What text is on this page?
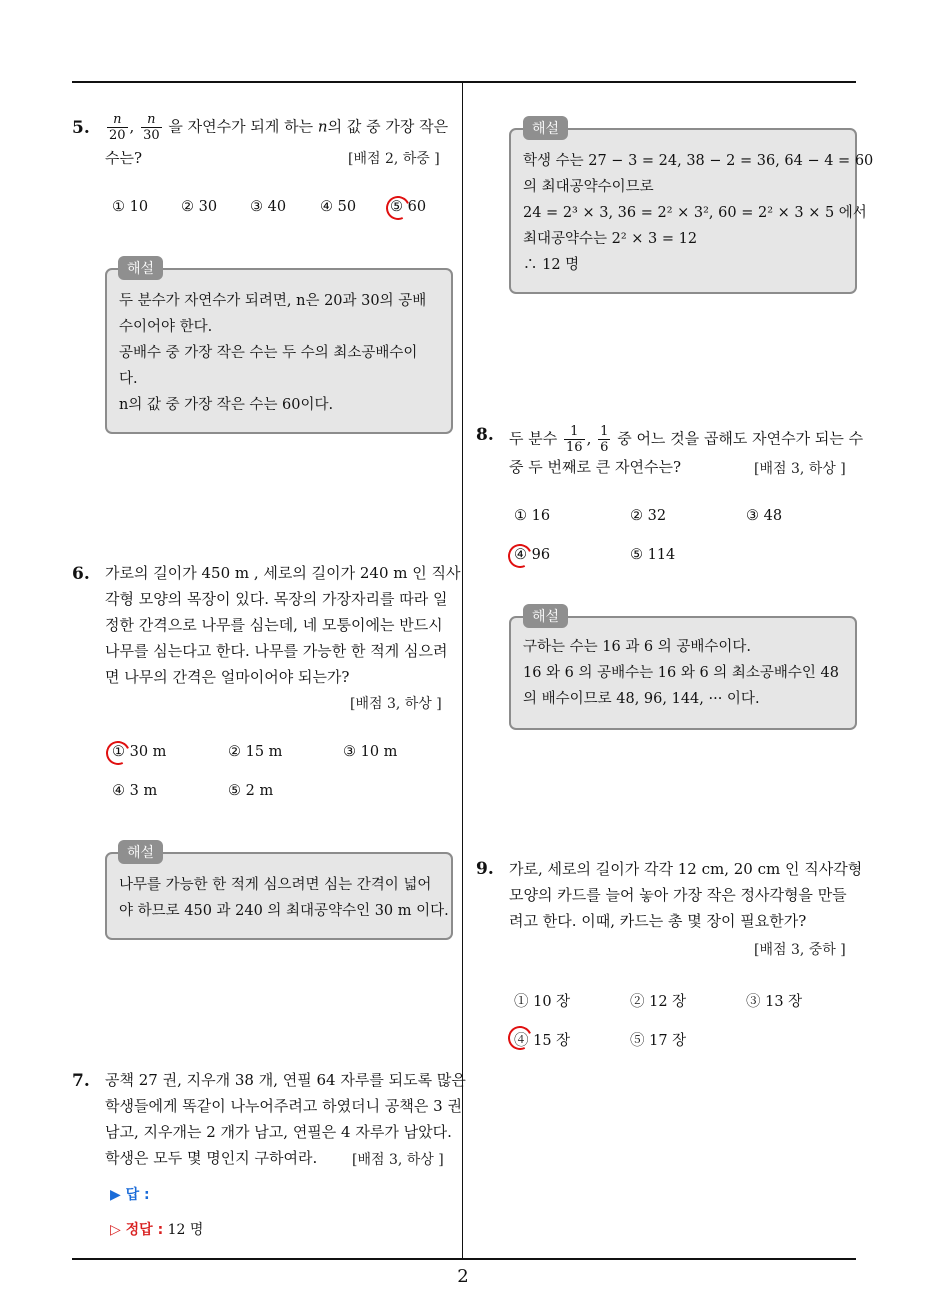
2
5. $\frac{n}{20}$ , $\frac{n}{30}$ 을 자연수가 되게 하는 n의 값 중 가장 작은
수는?	[배점 2, 하중 ]
① 10 ② 30 ③ 40 ④ 50 ⑤ 60
두 분수가 자연수가 되려면, n은 20과 30의 공배
수이어야 한다.
공배수 중 가장 작은 수는 두 수의 최소공배수이
다.
n의 값 중 가장 작은 수는 60이다.
해설
6. 가로의 길이가 450 m , 세로의 길이가 240 m 인 직사
각형 모양의 목장이 있다. 목장의 가장자리를 따라 일
정한 간격으로 나무를 심는데, 네 모퉁이에는 반드시
나무를 심는다고 한다. 나무를 가능한 한 적게 심으려
면 나무의 간격은 얼마이어야 되는가?
[배점 3, 하상 ]
① 30 m	② 15 m	③ 10 m
④ 3 m	⑤ 2 m
나무를 가능한 한 적게 심으려면 심는 간격이 넓어
야 하므로 450 과 240 의 최대공약수인 30 m 이다.
해설
7. 공책 27 권, 지우개 38 개, 연필 64 자루를 되도록 많은
학생들에게 똑같이 나누어주려고 하였더니 공책은 3 권
남고, 지우개는 2 개가 남고, 연필은 4 자루가 남았다.
학생은 모두 몇 명인지 구하여라.	[배점 3, 하상 ]
▶ 답 :
▷ 정답 : 12 명
학생 수는 27 − 3 = 24, 38 − 2 = 36, 64 − 4 = 60
의 최대공약수이므로
24 = 2³ × 3, 36 = 2² × 3², 60 = 2² × 3 × 5 에서
최대공약수는 2² × 3 = 12
∴ 12 명
해설
8. 두 분수 $\frac{1}{16}$ , $\frac{1}{6}$ 중 어느 것을 곱해도 자연수가 되는 수
중 두 번째로 큰 자연수는?	[배점 3, 하상 ]
① 16	② 32	③ 48
④ 96	⑤ 114
구하는 수는 16 과 6 의 공배수이다.
16 와 6 의 공배수는 16 와 6 의 최소공배수인 48
의 배수이므로 48, 96, 144, ··· 이다.
해설
9. 가로, 세로의 길이가 각각 12 cm, 20 cm 인 직사각형
모양의 카드를 늘어 놓아 가장 작은 정사각형을 만들
려고 한다. 이때, 카드는 총 몇 장이 필요한가?
[배점 3, 중하 ]
① 10 장	② 12 장	③ 13 장
④ 15 장	⑤ 17 장
